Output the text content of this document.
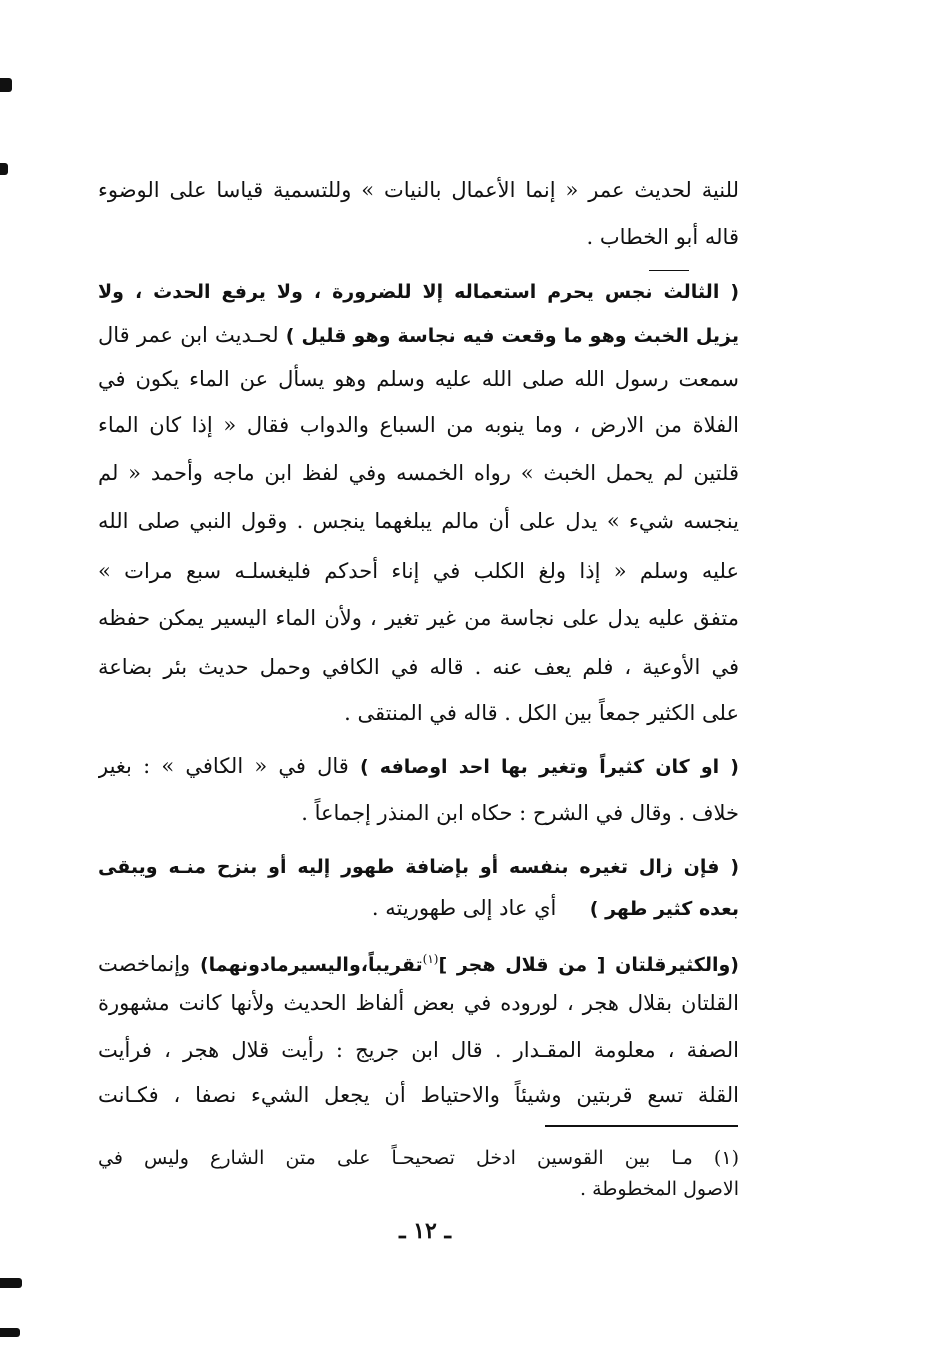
للنية لحديث عمر « إنما الأعمال بالنيات » وللتسمية قياسا على الوضوء
قاله أبو الخطاب .
( الثالث نجس يحرم استعماله إلا للضرورة ، ولا يرفع الحدث ، ولا
يزيل الخبث وهو ما وقعت فيه نجاسة وهو قليل ) لحـديث ابن عمر قال
سمعت رسول الله صلى الله عليه وسلم وهو يسأل عن الماء يكون في
الفلاة من الارض ، وما ينوبه من السباع والدواب فقال « إذا كان الماء
قلتين لم يحمل الخبث » رواه الخمسه وفي لفظ ابن ماجه وأحمد « لم
ينجسه شيء » يدل على أن مالم يبلغهما ينجس . وقول النبي صلى الله
عليه وسلم « إذا ولغ الكلب في إناء أحدكم فليغسلـه سبع مرات »
متفق عليه يدل على نجاسة من غير تغير ، ولأن الماء اليسير يمكن حفظه
في الأوعية ، فلم يعف عنه . قاله في الكافي وحمل حديث بئر بضاعة
على الكثير جمعاً بين الكل . قاله في المنتقى .
( او كان كثيراً وتغير بها احد اوصافه ) قال في « الكافي » : بغير
خلاف . وقال في الشرح : حكاه ابن المنذر إجماعاً .
( فإن زال تغيره بنفسه أو بإضافة طهور إليه أو بنزح منـه ويبقى
بعده كثير طهر )     أي عاد إلى طهوريته .
(والكثيرقلتان [ من قلال هجر ]$^{(١)}$تقريباً،واليسيرمادونهما) وإنماخصت
القلتان بقلال هجر ، لوروده في بعض ألفاظ الحديث ولأنها كانت مشهورة
الصفة ، معلومة المقـدار . قال ابن جريج : رأيت قلال هجر ، فرأيت
القلة تسع قربتين وشيئاً والاحتياط أن يجعل الشيء نصفا ، فكـانت
(١) مـا بين القوسين ادخل تصحيحـاً على متن الشارع وليس في
الاصول المخطوطة .
ـ ١٢ ـ
